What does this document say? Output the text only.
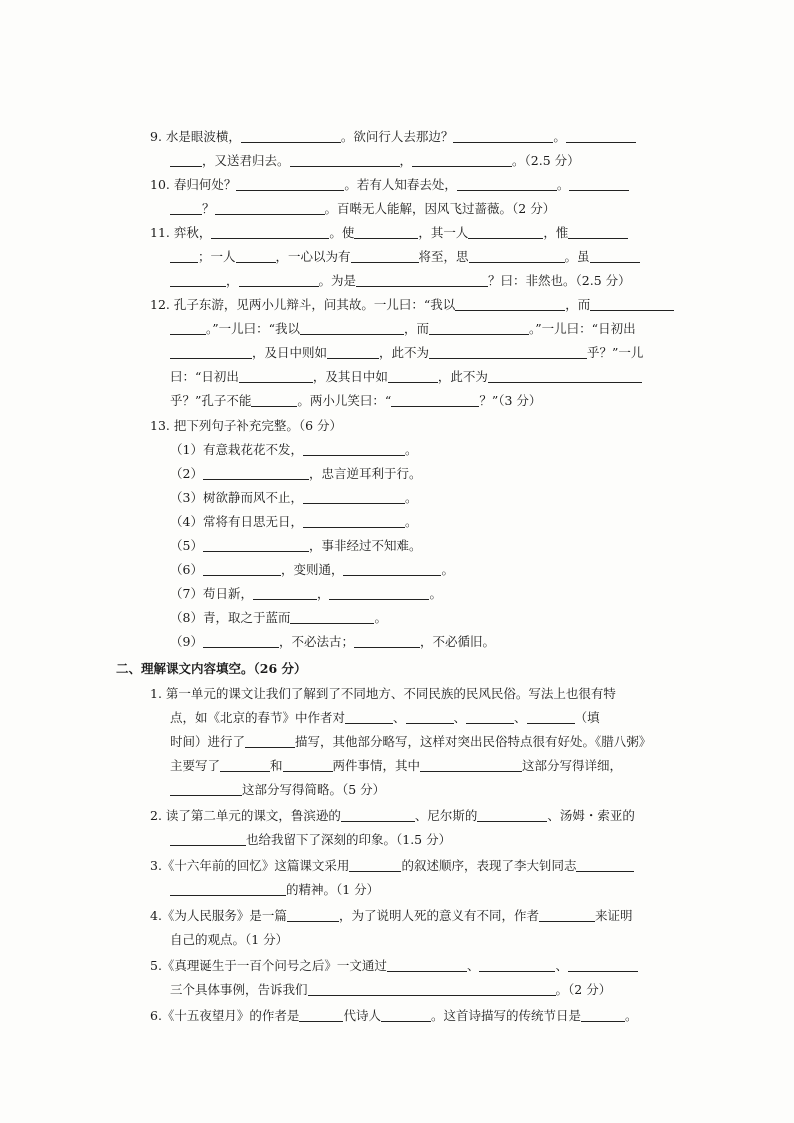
9. 水是眼波横，	。欲问行人去那边？	。
，又送君归去。	，	。（2.5 分）
10. 春归何处？	。若有人知春去处，	。
？	。百啭无人能解，因风飞过蔷薇。（2 分）
11. 弈秋，	。使	，其一人	，惟
；一人	，一心以为有	将至，思	。虽
，	。为是	？曰：非然也。（2.5 分）
12. 孔子东游，见两小儿辩斗，问其故。一儿曰：“我以	，而
。”一儿曰：“我以	，而	。”一儿曰：“日初出
，及日中则如	，此不为	乎？”一儿
曰：“日初出	，及其日中如	，此不为
乎？”孔子不能	。两小儿笑曰：“	？”（3 分）
13. 把下列句子补充完整。（6 分）
（1）有意栽花花不发，	。
（2）	，忠言逆耳利于行。
（3）树欲静而风不止，	。
（4）常将有日思无日，	。
（5）	，事非经过不知难。
（6）	，变则通，	。
（7）苟日新，	，	。
（8）青，取之于蓝而	。
（9）	，不必法古；	，不必循旧。
二、理解课文内容填空。（26 分）
1. 第一单元的课文让我们了解到了不同地方、不同民族的民风民俗。写法上也很有特
点，如《北京的春节》中作者对	、	、	、	（填
时间）进行了	描写，其他部分略写，这样对突出民俗特点很有好处。《腊八粥》
主要写了	和	两件事情，其中	这部分写得详细，
这部分写得简略。（5 分）
2. 读了第二单元的课文，鲁滨逊的	、尼尔斯的	、汤姆・索亚的
也给我留下了深刻的印象。（1.5 分）
3.《十六年前的回忆》这篇课文采用	的叙述顺序，表现了李大钊同志
的精神。（1 分）
4.《为人民服务》是一篇	，为了说明人死的意义有不同，作者	来证明
自己的观点。（1 分）
5.《真理诞生于一百个问号之后》一文通过	、	、
三个具体事例，告诉我们	。（2 分）
6.《十五夜望月》的作者是	代诗人	。这首诗描写的传统节日是	。
